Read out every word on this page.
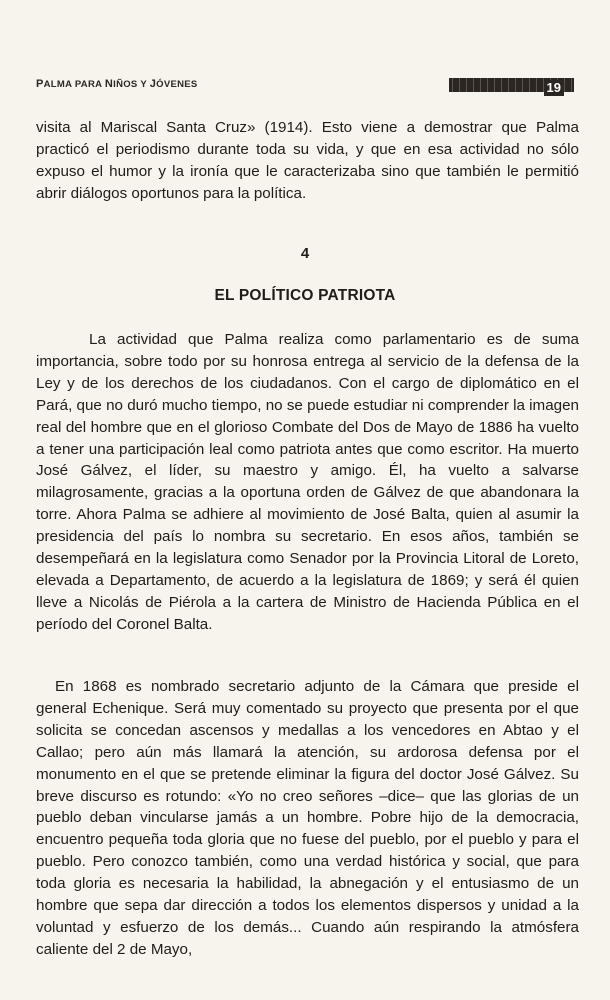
PALMA PARA NIÑOS Y JÓVENES	19

visita al Mariscal Santa Cruz» (1914). Esto viene a demostrar que Palma practicó el periodismo durante toda su vida, y que en esa actividad no sólo expuso el humor y la ironía que le caracterizaba sino que también le permitió abrir diálogos oportunos para la política.

4
EL POLÍTICO PATRIOTA

La actividad que Palma realiza como parlamentario es de suma importancia, sobre todo por su honrosa entrega al servicio de la defensa de la Ley y de los derechos de los ciudadanos. Con el cargo de diplomático en el Pará, que no duró mucho tiempo, no se puede estudiar ni comprender la imagen real del hombre que en el glorioso Combate del Dos de Mayo de 1886 ha vuelto a tener una participación leal como patriota antes que como escritor. Ha muerto José Gálvez, el líder, su maestro y amigo. Él, ha vuelto a salvarse milagrosamente, gracias a la oportuna orden de Gálvez de que abandonara la torre. Ahora Palma se adhiere al movimiento de José Balta, quien al asumir la presidencia del país lo nombra su secretario. En esos años, también se desempeñará en la legislatura como Senador por la Provincia Litoral de Loreto, elevada a Departamento, de acuerdo a la legislatura de 1869; y será él quien lleve a Nicolás de Piérola a la cartera de Ministro de Hacienda Pública en el período del Coronel Balta.

En 1868 es nombrado secretario adjunto de la Cámara que preside el general Echenique. Será muy comentado su proyecto que presenta por el que solicita se concedan ascensos y medallas a los vencedores en Abtao y el Callao; pero aún más llamará la atención, su ardorosa defensa por el monumento en el que se pretende eliminar la figura del doctor José Gálvez. Su breve discurso es rotundo: «Yo no creo señores –dice– que las glorias de un pueblo deban vincularse jamás a un hombre. Pobre hijo de la democracia, encuentro pequeña toda gloria que no fuese del pueblo, por el pueblo y para el pueblo. Pero conozco también, como una verdad histórica y social, que para toda gloria es necesaria la habilidad, la abnegación y el entusiasmo de un hombre que sepa dar dirección a todos los elementos dispersos y unidad a la voluntad y esfuerzo de los demás... Cuando aún respirando la atmósfera caliente del 2 de Mayo,
